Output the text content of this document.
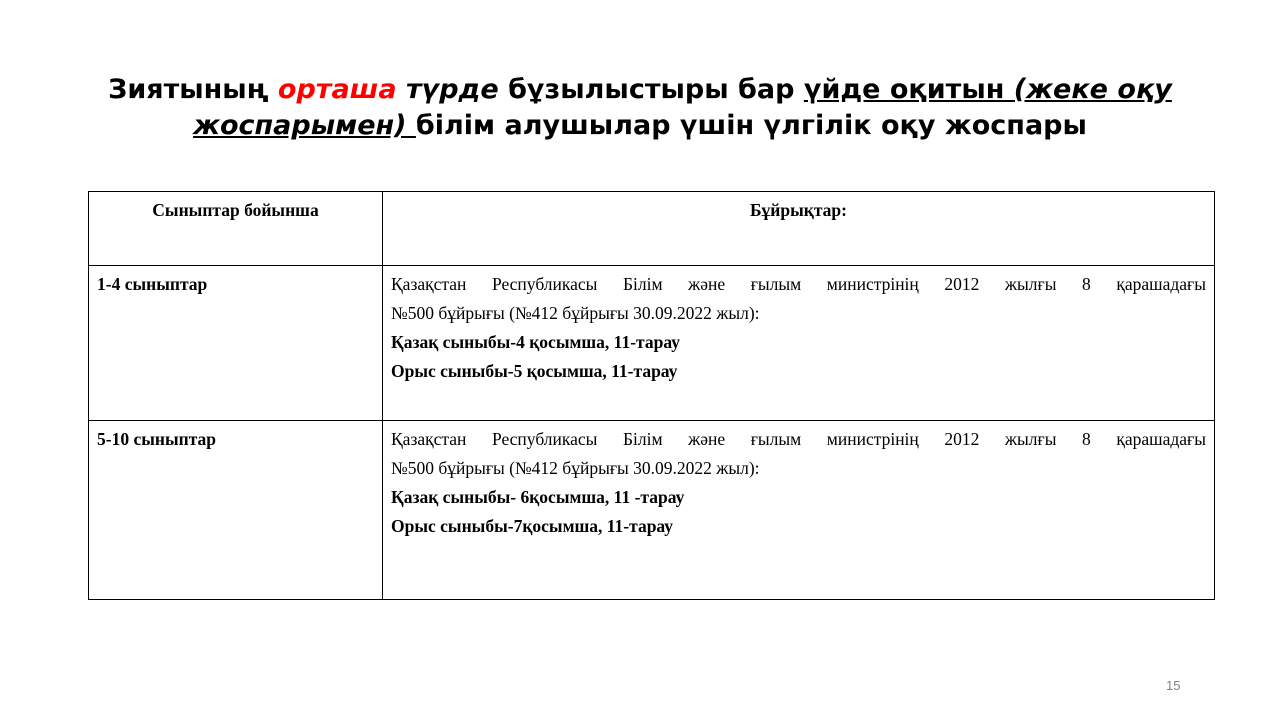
Зиятының орташа түрде бұзылыстыры бар үйде оқитын (жеке оқу жоспарымен) білім алушылар үшін үлгілік оқу жоспары
Сыныптар бойынша	Бұйрықтар:
1-4 сыныптар	Қазақстан Республикасы Білім және ғылым министрінің 2012 жылғы 8 қарашадағы
№500 бұйрығы (№412 бұйрығы 30.09.2022 жыл):
Қазақ сыныбы-4 қосымша, 11-тарау
Орыс сыныбы-5 қосымша, 11-тарау

5-10 сыныптар	Қазақстан Республикасы Білім және ғылым министрінің 2012 жылғы 8 қарашадағы
№500 бұйрығы (№412 бұйрығы 30.09.2022 жыл):
Қазақ сыныбы- 6қосымша, 11 -тарау
Орыс сыныбы-7қосымша, 11-тарау
15
